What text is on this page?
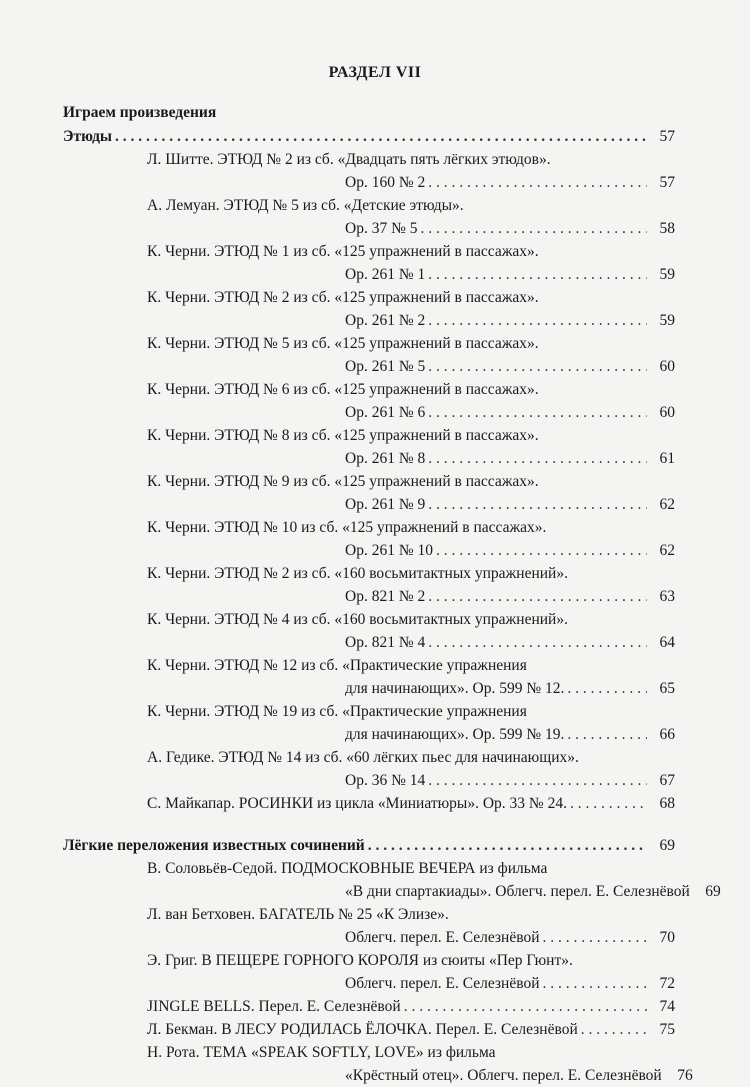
РАЗДЕЛ VII
Играем произведения
Этюды . . .	57
Л. Шитте. ЭТЮД № 2 из сб. «Двадцать пять лёгких этюдов».
Ор. 160 № 2 . . .	57
А. Лемуан. ЭТЮД № 5 из сб. «Детские этюды».
Ор. 37 № 5 . . .	58
К. Черни. ЭТЮД № 1 из сб. «125 упражнений в пассажах».
Ор. 261 № 1 . . .	59
К. Черни. ЭТЮД № 2 из сб. «125 упражнений в пассажах».
Ор. 261 № 2 . . .	59
К. Черни. ЭТЮД № 5 из сб. «125 упражнений в пассажах».
Ор. 261 № 5 . . .	60
К. Черни. ЭТЮД № 6 из сб. «125 упражнений в пассажах».
Ор. 261 № 6 . . .	60
К. Черни. ЭТЮД № 8 из сб. «125 упражнений в пассажах».
Ор. 261 № 8 . . .	61
К. Черни. ЭТЮД № 9 из сб. «125 упражнений в пассажах».
Ор. 261 № 9 . . .	62
К. Черни. ЭТЮД № 10 из сб. «125 упражнений в пассажах».
Ор. 261 № 10 . . .	62
К. Черни. ЭТЮД № 2 из сб. «160 восьмитактных упражнений».
Ор. 821 № 2 . . .	63
К. Черни. ЭТЮД № 4 из сб. «160 восьмитактных упражнений».
Ор. 821 № 4 . . .	64
К. Черни. ЭТЮД № 12 из сб. «Практические упражнения
для начинающих». Ор. 599 № 12. . . .	65
К. Черни. ЭТЮД № 19 из сб. «Практические упражнения
для начинающих». Ор. 599 № 19. . . .	66
А. Гедике. ЭТЮД № 14 из сб. «60 лёгких пьес для начинающих».
Ор. 36 № 14 . . .	67
С. Майкапар. РОСИНКИ из цикла «Миниатюры». Ор. 33 № 24. . . .	68
Лёгкие переложения известных сочинений . . .	69
В. Соловьёв-Седой. ПОДМОСКОВНЫЕ ВЕЧЕРА из фильма
«В дни спартакиады». Облегч. перел. Е. Селезнёвой . . .	69
Л. ван Бетховен. БАГАТЕЛЬ № 25 «К Элизе».
Облегч. перел. Е. Селезнёвой . . .	70
Э. Григ. В ПЕЩЕРЕ ГОРНОГО КОРОЛЯ из сюиты «Пер Гюнт».
Облегч. перел. Е. Селезнёвой . . .	72
JINGLE BELLS. Перел. Е. Селезнёвой . . .	74
Л. Бекман. В ЛЕСУ РОДИЛАСЬ ЁЛОЧКА. Перел. Е. Селезнёвой . . .	75
Н. Рота. ТЕМА «SPEAK SOFTLY, LOVE» из фильма
«Крёстный отец». Облегч. перел. Е. Селезнёвой . . .	76
